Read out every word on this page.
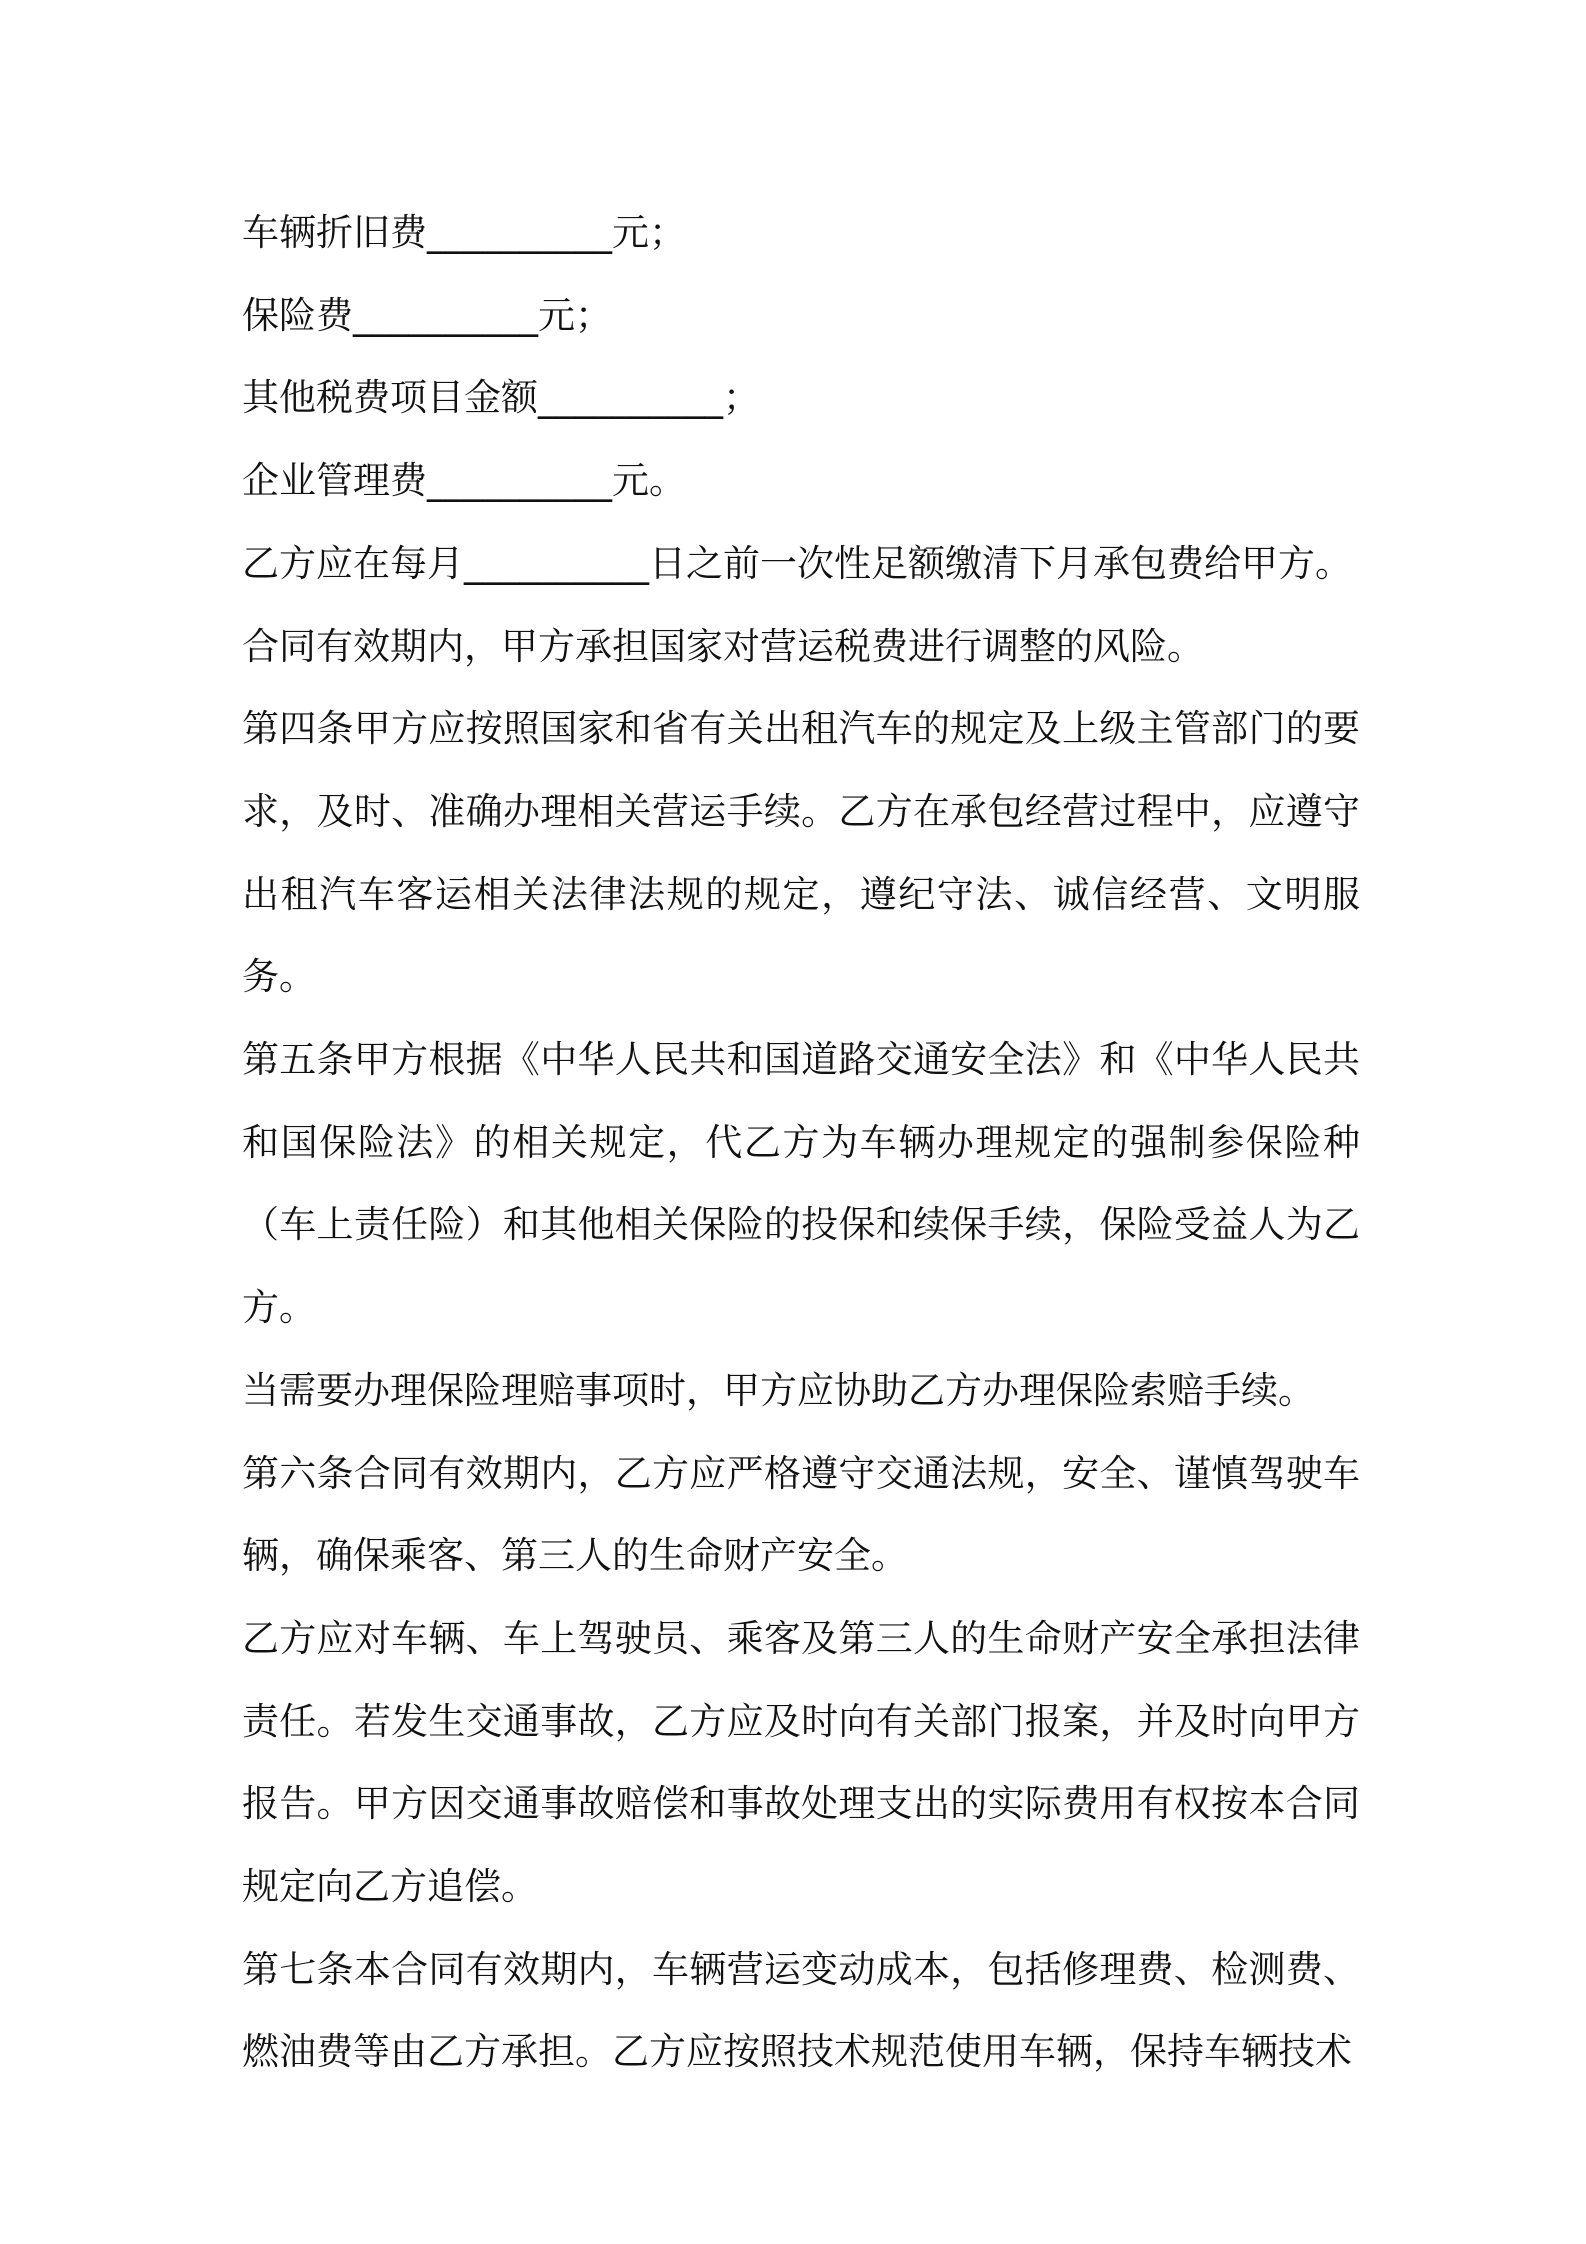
车辆折旧费__________元；

保险费__________元；

其他税费项目金额__________；

企业管理费__________元。

乙方应在每月__________日之前一次性足额缴清下月承包费给甲方。

合同有效期内，甲方承担国家对营运税费进行调整的风险。

第四条甲方应按照国家和省有关出租汽车的规定及上级主管部门的要求，及时、准确办理相关营运手续。乙方在承包经营过程中，应遵守出租汽车客运相关法律法规的规定，遵纪守法、诚信经营、文明服务。

第五条甲方根据《中华人民共和国道路交通安全法》和《中华人民共和国保险法》的相关规定，代乙方为车辆办理规定的强制参保险种（车上责任险）和其他相关保险的投保和续保手续，保险受益人为乙方。

当需要办理保险理赔事项时，甲方应协助乙方办理保险索赔手续。

第六条合同有效期内，乙方应严格遵守交通法规，安全、谨慎驾驶车辆，确保乘客、第三人的生命财产安全。

乙方应对车辆、车上驾驶员、乘客及第三人的生命财产安全承担法律责任。若发生交通事故，乙方应及时向有关部门报案，并及时向甲方报告。甲方因交通事故赔偿和事故处理支出的实际费用有权按本合同规定向乙方追偿。

第七条本合同有效期内，车辆营运变动成本，包括修理费、检测费、燃油费等由乙方承担。乙方应按照技术规范使用车辆，保持车辆技术
